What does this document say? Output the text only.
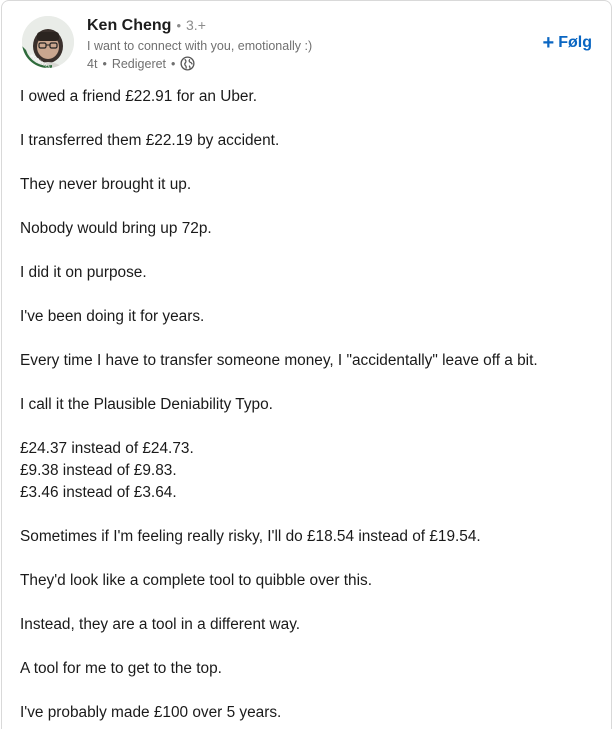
Ken Cheng • 3.+
I want to connect with you, emotionally :)
4t • Redigeret •
+ Følg
I owed a friend £22.91 for an Uber.
I transferred them £22.19 by accident.
They never brought it up.
Nobody would bring up 72p.
I did it on purpose.
I've been doing it for years.
Every time I have to transfer someone money, I "accidentally" leave off a bit.
I call it the Plausible Deniability Typo.
£24.37 instead of £24.73.
£9.38 instead of £9.83.
£3.46 instead of £3.64.
Sometimes if I'm feeling really risky, I'll do £18.54 instead of £19.54.
They'd look like a complete tool to quibble over this.
Instead, they are a tool in a different way.
A tool for me to get to the top.
I've probably made £100 over 5 years.
